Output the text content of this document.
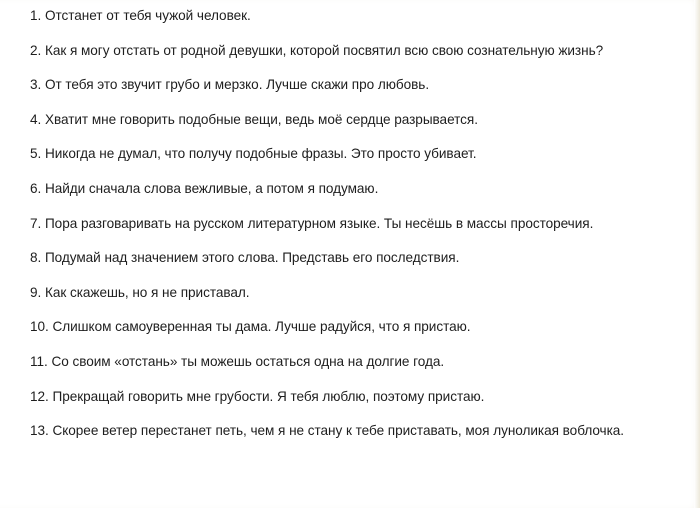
1. Отстанет от тебя чужой человек.
2. Как я могу отстать от родной девушки, которой посвятил всю свою сознательную жизнь?
3. От тебя это звучит грубо и мерзко. Лучше скажи про любовь.
4. Хватит мне говорить подобные вещи, ведь моё сердце разрывается.
5. Никогда не думал, что получу подобные фразы. Это просто убивает.
6. Найди сначала слова вежливые, а потом я подумаю.
7. Пора разговаривать на русском литературном языке. Ты несёшь в массы просторечия.
8. Подумай над значением этого слова. Представь его последствия.
9. Как скажешь, но я не приставал.
10. Слишком самоуверенная ты дама. Лучше радуйся, что я пристаю.
11. Со своим «отстань» ты можешь остаться одна на долгие года.
12. Прекращай говорить мне грубости. Я тебя люблю, поэтому пристаю.
13. Скорее ветер перестанет петь, чем я не стану к тебе приставать, моя луноликая воблочка.
